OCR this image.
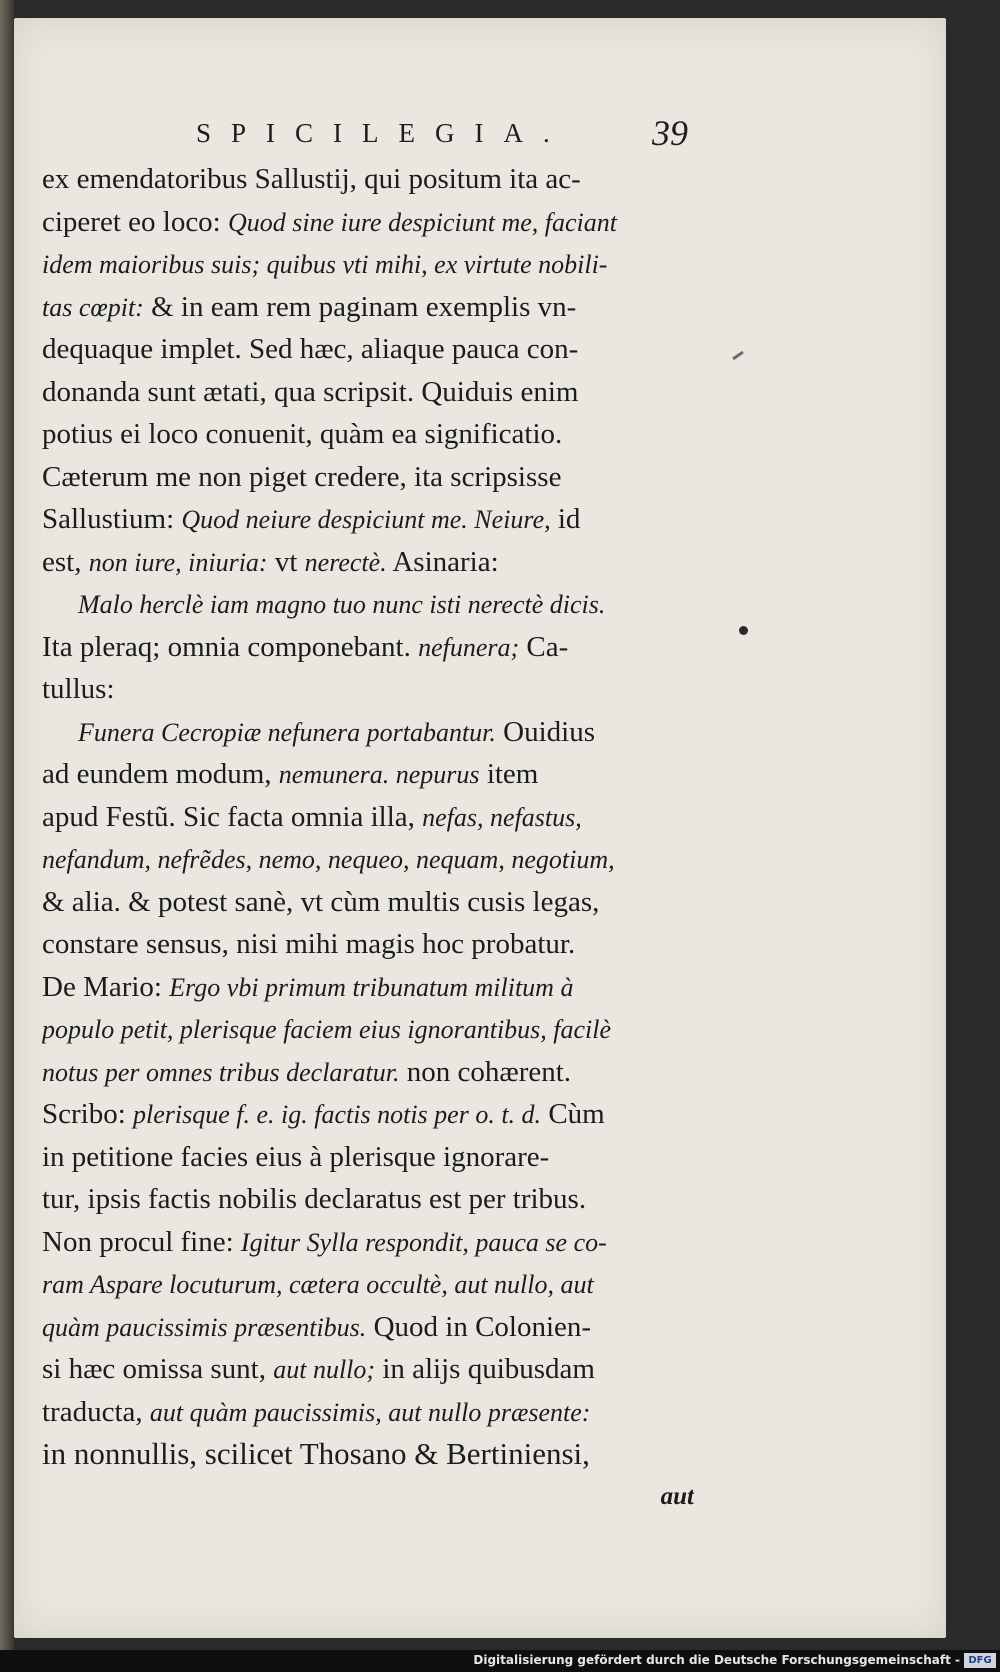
SPICILEGIA. 39
ex emendatoribus Sallustij, qui positum ita ac-
ciperet eo loco: Quod sine iure despiciunt me, faciant
idem maioribus suis; quibus vti mihi, ex virtute nobili-
tas cœpit: & in eam rem paginam exemplis vn-
dequaque implet. Sed hæc, aliaque pauca con-
donanda sunt ætati, qua scripsit. Quiduis enim
potius ei loco conuenit, quàm ea significatio.
Cæterum me non piget credere, ita scripsisse
Sallustium: Quod neiure despiciunt me. Neiure, id
est, non iure, iniuria: vt nerectè. Asinaria:
Malo herclè iam magno tuo nunc isti nerectè dicis.
Ita pleraq; omnia componebant. nefunera; Ca-
tullus:
Funera Cecropiæ nefunera portabantur. Ouidius
ad eundem modum, nemunera. nepurus item
apud Festũ. Sic facta omnia illa, nefas, nefastus,
nefandum, nefrẽdes, nemo, nequeo, nequam, negotium,
& alia. & potest sanè, vt cùm multis cusis legas,
constare sensus, nisi mihi magis hoc probatur.
De Mario: Ergo vbi primum tribunatum militum à
populo petit, plerisque faciem eius ignorantibus, facilè
notus per omnes tribus declaratur. non cohærent.
Scribo: plerisque f. e. ig. factis notis per o. t. d. Cùm
in petitione facies eius à plerisque ignorare-
tur, ipsis factis nobilis declaratus est per tribus.
Non procul fine: Igitur Sylla respondit, pauca se co-
ram Aspare locuturum, cætera occultè, aut nullo, aut
quàm paucissimis præsentibus. Quod in Colonien-
si hæc omissa sunt, aut nullo; in alijs quibusdam
traducta, aut quàm paucissimis, aut nullo præsente:
in nonnullis, scilicet Thosano & Bertiniensi,
aut
Digitalisierung gefördert durch die Deutsche Forschungsgemeinschaft - DFG
